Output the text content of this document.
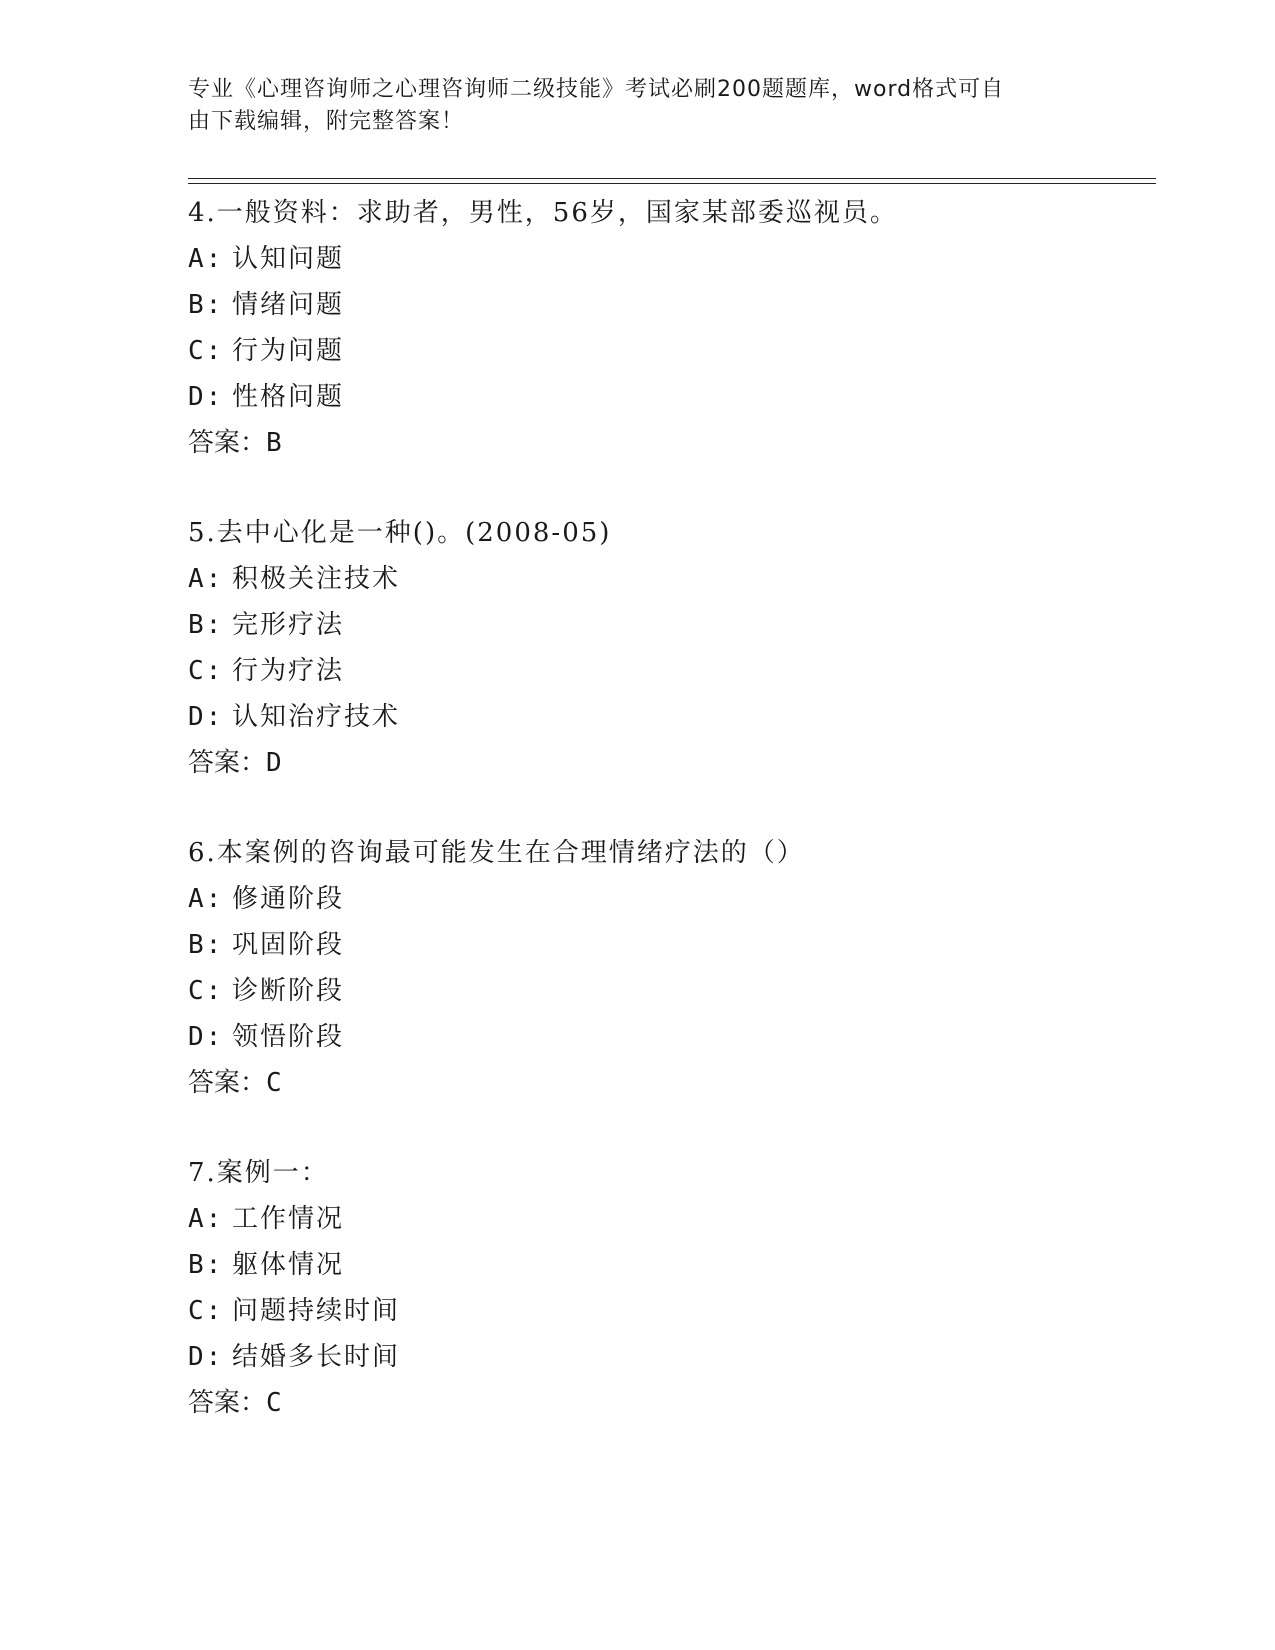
专业《心理咨询师之心理咨询师二级技能》考试必刷200题题库，word格式可自
由下载编辑，附完整答案！
4.一般资料：求助者，男性，56岁，国家某部委巡视员。
A: 认知问题
B: 情绪问题
C: 行为问题
D: 性格问题
答案：B
5.去中心化是一种()。(2008-05)
A: 积极关注技术
B: 完形疗法
C: 行为疗法
D: 认知治疗技术
答案：D
6.本案例的咨询最可能发生在合理情绪疗法的（）
A: 修通阶段
B: 巩固阶段
C: 诊断阶段
D: 领悟阶段
答案：C
7.案例一：
A: 工作情况
B: 躯体情况
C: 问题持续时间
D: 结婚多长时间
答案：C
